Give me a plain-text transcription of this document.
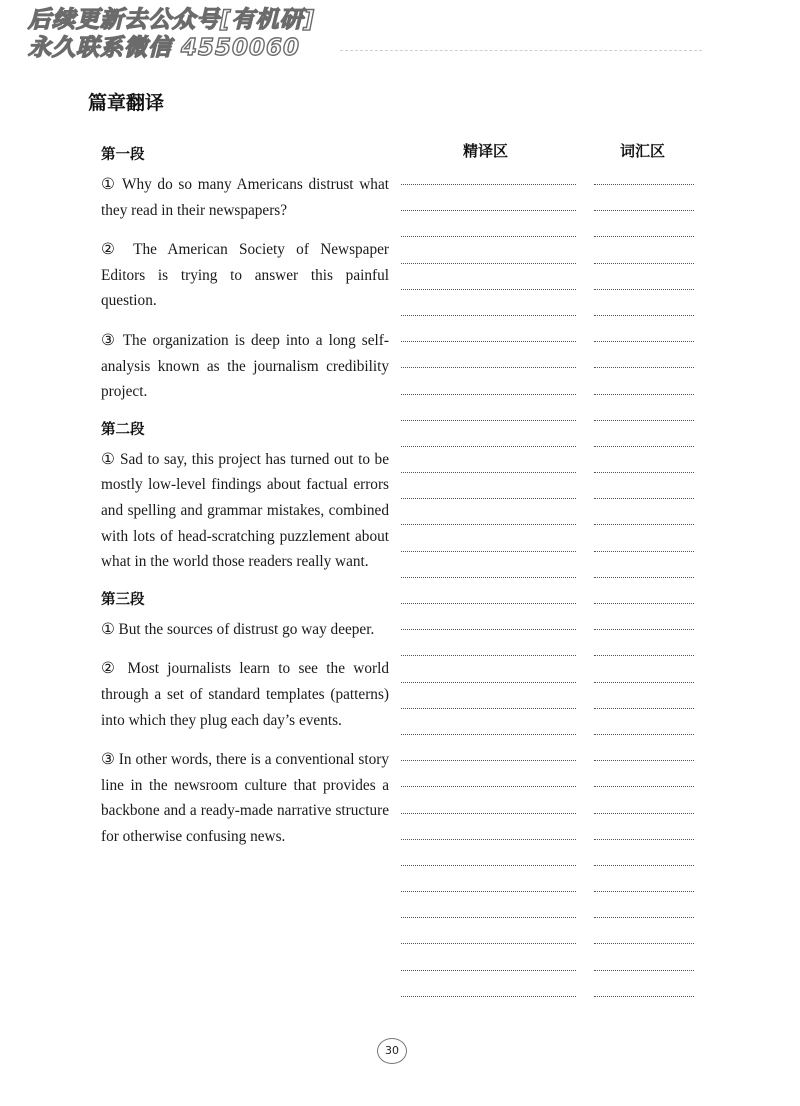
后续更新去公众号[有机研]
永久联系微信 4550060
篇章翻译
精译区	词汇区
第一段

① Why do so many Americans distrust what they read in their newspapers?

② The American Society of Newspaper Editors is trying to answer this painful question.

③ The organization is deep into a long self-analysis known as the journalism credibility project.

第二段

① Sad to say, this project has turned out to be mostly low-level findings about factual errors and spelling and grammar mistakes, combined with lots of head-scratching puzzlement about what in the world those readers really want.

第三段

① But the sources of distrust go way deeper.

② Most journalists learn to see the world through a set of standard templates (patterns) into which they plug each day’s events.

③ In other words, there is a conventional story line in the newsroom culture that provides a backbone and a ready-made narrative structure for otherwise confusing news.

30
